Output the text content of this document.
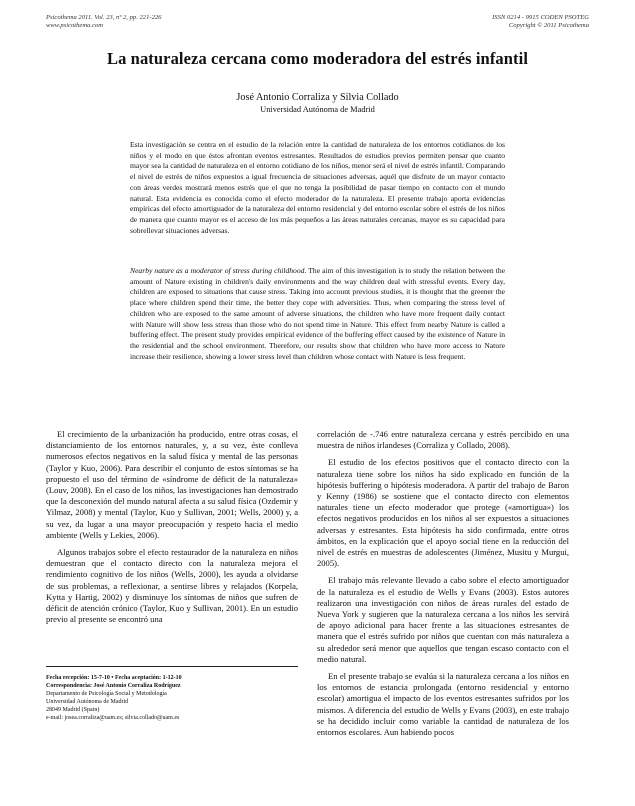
Psicothema 2011. Vol. 23, nº 2, pp. 221-226
www.psicothema.com
ISSN 0214 - 9915 CODEN PSOTEG
Copyright © 2011 Psicothema
La naturaleza cercana como moderadora del estrés infantil
José Antonio Corraliza y Silvia Collado
Universidad Autónoma de Madrid

Esta investigación se centra en el estudio de la relación entre la cantidad de naturaleza de los entornos cotidianos de los niños y el modo en que éstos afrontan eventos estresantes. Resultados de estudios previos permiten pensar que cuanto mayor sea la cantidad de naturaleza en el entorno cotidiano de los niños, menor será el nivel de estrés infantil. Comparando el nivel de estrés de niños expuestos a igual frecuencia de situaciones adversas, aquél que disfrute de un mayor contacto con áreas verdes mostrará menos estrés que el que no tenga la posibilidad de pasar tiempo en contacto con el mundo natural. Esta evidencia es conocida como el efecto moderador de la naturaleza. El presente trabajo aporta evidencias empíricas del efecto amortiguador de la naturaleza del entorno residencial y del entorno escolar sobre el estrés de los niños de manera que cuanto mayor es el acceso de los más pequeños a las áreas naturales cercanas, mayor es su capacidad para sobrellevar situaciones adversas.

Nearby nature as a moderator of stress during childhood. The aim of this investigation is to study the relation between the amount of Nature existing in children's daily environments and the way children deal with stressful events. Every day, children are exposed to situations that cause stress. Taking into account previous studies, it is thought that the greener the place where children spend their time, the better they cope with adversities. Thus, when comparing the stress level of children who are exposed to the same amount of adverse situations, the children who have more frequent daily contact with Nature will show less stress than those who do not spend time in Nature. This effect from nearby Nature is called a buffering effect. The present study provides empirical evidence of the buffering effect caused by the existence of Nature in the residential and the school environment. Therefore, our results show that children who have more access to Nature increase their resilience, showing a lower stress level than children whose contact with Nature is less frequent.

El crecimiento de la urbanización ha producido, entre otras cosas, el distanciamiento de los entornos naturales, y, a su vez, éste conlleva numerosos efectos negativos en la salud física y mental de las personas (Taylor y Kuo, 2006). Para describir el conjunto de estos síntomas se ha propuesto el uso del término de «síndrome de déficit de la naturaleza» (Louv, 2008). En el caso de los niños, las investigaciones han demostrado que la desconexión del mundo natural afecta a su salud física (Ozdemir y Yilmaz, 2008) y mental (Taylor, Kuo y Sullivan, 2001; Wells, 2000) y, a su vez, da lugar a una mayor preocupación y respeto hacia el medio ambiente (Wells y Lekies, 2006).

Algunos trabajos sobre el efecto restaurador de la naturaleza en niños demuestran que el contacto directo con la naturaleza mejora el rendimiento cognitivo de los niños (Wells, 2000), les ayuda a olvidarse de sus problemas, a reflexionar, a sentirse libres y relajados (Korpela, Kytta y Hartig, 2002) y disminuye los síntomas de niños que sufren de déficit de atención crónico (Taylor, Kuo y Sullivan, 2001). En un estudio previo al presente se encontró una

correlación de -.746 entre naturaleza cercana y estrés percibido en una muestra de niños irlandeses (Corraliza y Collado, 2008).

El estudio de los efectos positivos que el contacto directo con la naturaleza tiene sobre los niños ha sido explicado en función de la hipótesis buffering o hipótesis moderadora. A partir del trabajo de Baron y Kenny (1986) se sostiene que el contacto directo con elementos naturales tiene un efecto moderador que protege («amortigua») los efectos negativos producidos en los niños al ser expuestos a situaciones adversas y estresantes. Esta hipótesis ha sido confirmada, entre otros ámbitos, en la explicación que el apoyo social tiene en la reducción del nivel de estrés en muestras de adolescentes (Jiménez, Musitu y Murgui, 2005).

El trabajo más relevante llevado a cabo sobre el efecto amortiguador de la naturaleza es el estudio de Wells y Evans (2003). Estos autores realizaron una investigación con niños de áreas rurales del estado de Nueva York y sugieren que la naturaleza cercana a los niños les servirá de apoyo adicional para hacer frente a las situaciones estresantes de manera que el estrés sufrido por niños que cuentan con más naturaleza a su alrededor será menor que aquellos que tengan escaso contacto con el medio natural.

En el presente trabajo se evalúa si la naturaleza cercana a los niños en los entornos de estancia prolongada (entorno residencial y entorno escolar) amortigua el impacto de los eventos estresantes sufridos por los mismos. A diferencia del estudio de Wells y Evans (2003), en este trabajo se ha decidido incluir como variable la cantidad de naturaleza de los entornos escolares. Aun habiendo pocos

Fecha recepción: 15-7-10 • Fecha aceptación: 1-12-10
Correspondencia: José Antonio Corraliza Rodríguez
Departamento de Psicología Social y Metodología
Universidad Autónoma de Madrid
28049 Madrid (Spain)
e-mail: josea.corraliza@uam.es; silvia.collado@uam.es
